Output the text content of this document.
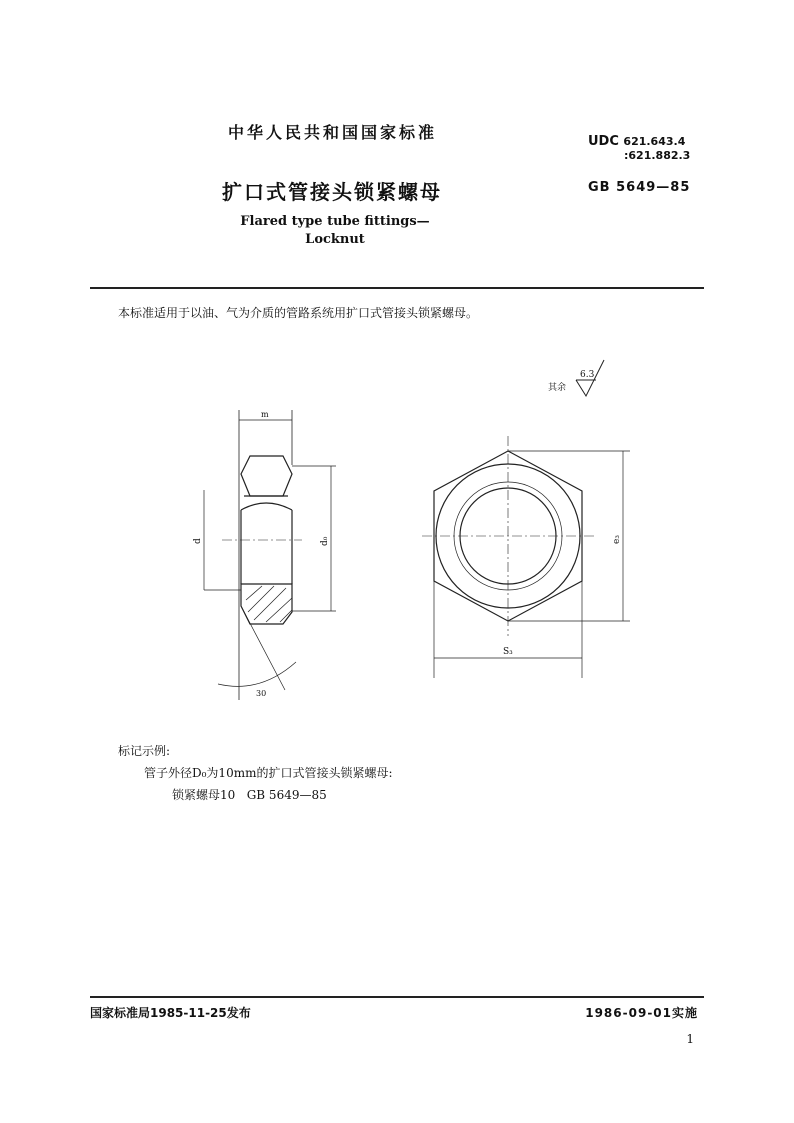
中华人民共和国国家标准	UDC 621.643.4
:621.882.3
扩口式管接头锁紧螺母	GB 5649—85
Flared type tube fittings—
Locknut
本标准适用于以油、气为介质的管路系统用扩口式管接头锁紧螺母。
6.3
其余
m
d	d₀
30
e₃
S₃
标记示例:
管子外径D₀为10mm的扩口式管接头锁紧螺母:
锁紧螺母10   GB 5649—85
国家标准局1985-11-25发布	1986-09-01实施
1
